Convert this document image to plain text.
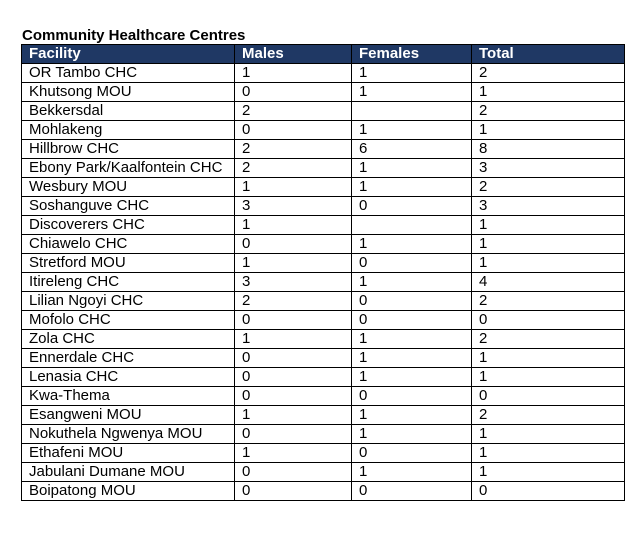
Community Healthcare Centres
Facility	Males	Females	Total
OR Tambo CHC	1	1	2
Khutsong MOU	0	1	1
Bekkersdal	2		2
Mohlakeng	0	1	1
Hillbrow CHC	2	6	8
Ebony Park/Kaalfontein CHC	2	1	3
Wesbury MOU	1	1	2
Soshanguve CHC	3	0	3
Discoverers CHC	1		1
Chiawelo CHC	0	1	1
Stretford MOU	1	0	1
Itireleng CHC	3	1	4
Lilian Ngoyi CHC	2	0	2
Mofolo CHC	0	0	0
Zola CHC	1	1	2
Ennerdale CHC	0	1	1
Lenasia CHC	0	1	1
Kwa-Thema	0	0	0
Esangweni MOU	1	1	2
Nokuthela Ngwenya MOU	0	1	1
Ethafeni MOU	1	0	1
Jabulani Dumane MOU	0	1	1
Boipatong MOU	0	0	0
